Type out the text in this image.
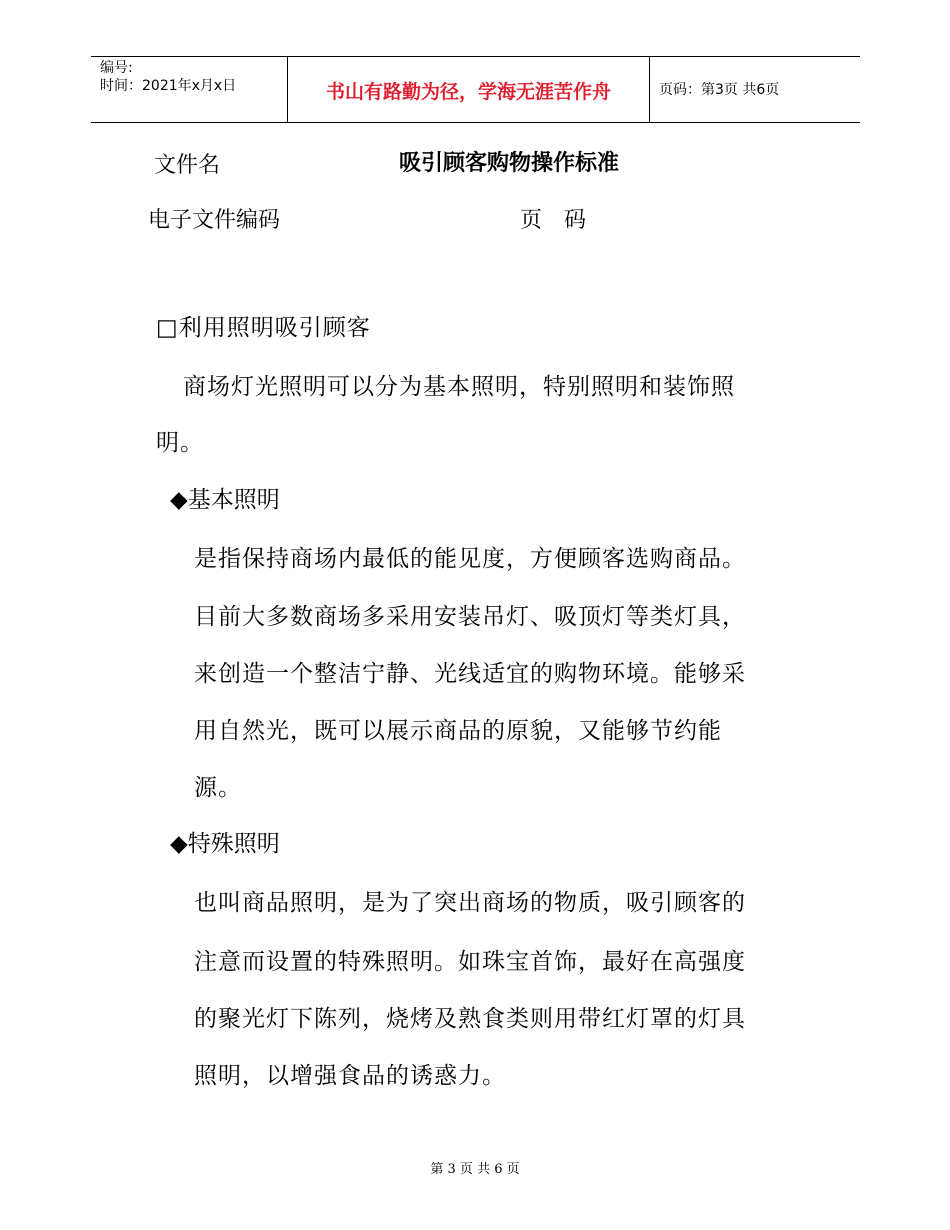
编号:
时间：2021年x月x日	书山有路勤为径，学海无涯苦作舟	页码：第3页 共6页
文件名	吸引顾客购物操作标准
电子文件编码	页　码
□利用照明吸引顾客
商场灯光照明可以分为基本照明，特别照明和装饰照
明。
◆基本照明
是指保持商场内最低的能见度，方便顾客选购商品。
目前大多数商场多采用安装吊灯、吸顶灯等类灯具，
来创造一个整洁宁静、光线适宜的购物环境。能够采
用自然光，既可以展示商品的原貌，又能够节约能
源。
◆特殊照明
也叫商品照明，是为了突出商场的物质，吸引顾客的
注意而设置的特殊照明。如珠宝首饰，最好在高强度
的聚光灯下陈列，烧烤及熟食类则用带红灯罩的灯具
照明，以增强食品的诱惑力。
第 3 页 共 6 页
